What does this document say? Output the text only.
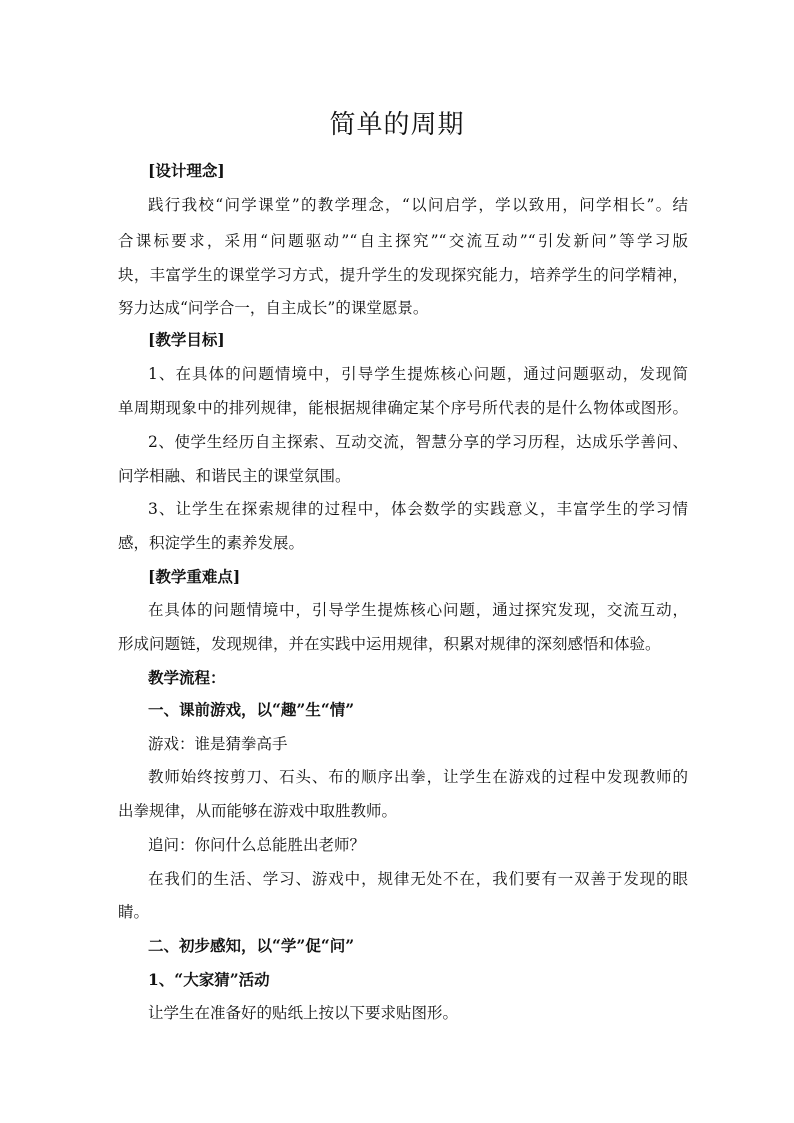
简单的周期
[设计理念]
践行我校“问学课堂”的教学理念，“以问启学，学以致用，问学相长”。结
合课标要求，采用“问题驱动”“自主探究”“交流互动”“引发新问”等学习版
块，丰富学生的课堂学习方式，提升学生的发现探究能力，培养学生的问学精神，
努力达成“问学合一，自主成长”的课堂愿景。
[教学目标]
1、在具体的问题情境中，引导学生提炼核心问题，通过问题驱动，发现简
单周期现象中的排列规律，能根据规律确定某个序号所代表的是什么物体或图形。
2、使学生经历自主探索、互动交流，智慧分享的学习历程，达成乐学善问、
问学相融、和谐民主的课堂氛围。
3、让学生在探索规律的过程中，体会数学的实践意义，丰富学生的学习情
感，积淀学生的素养发展。
[教学重难点]
在具体的问题情境中，引导学生提炼核心问题，通过探究发现，交流互动，
形成问题链，发现规律，并在实践中运用规律，积累对规律的深刻感悟和体验。
教学流程：
一、课前游戏，以“趣”生“情”
游戏：谁是猜拳高手
教师始终按剪刀、石头、布的顺序出拳，让学生在游戏的过程中发现教师的
出拳规律，从而能够在游戏中取胜教师。
追问：你问什么总能胜出老师？
在我们的生活、学习、游戏中，规律无处不在，我们要有一双善于发现的眼
睛。
二、初步感知，以“学”促“问”
1、“大家猜”活动
让学生在准备好的贴纸上按以下要求贴图形。
